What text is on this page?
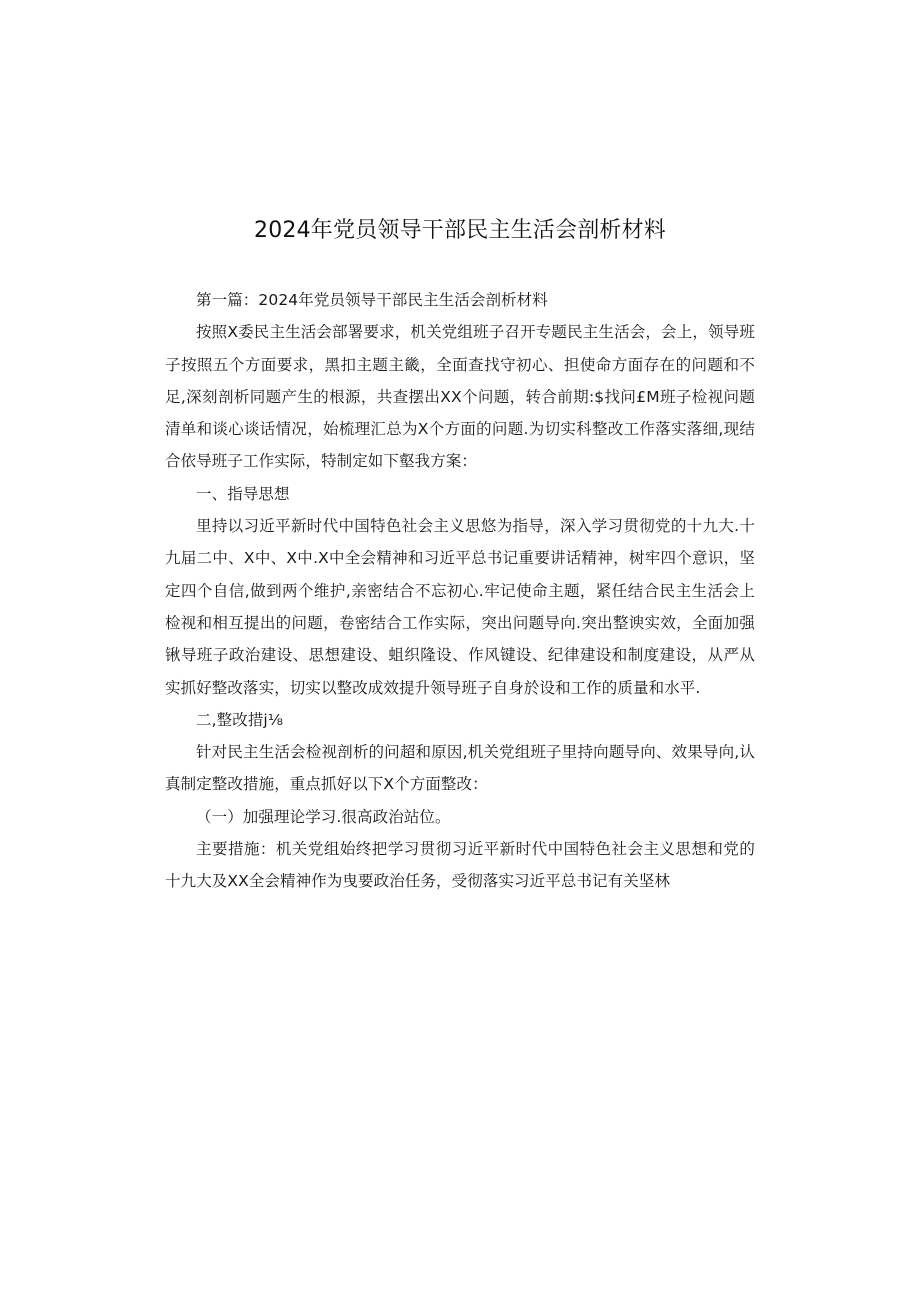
2024年党员领导干部民主生活会剖析材料

第一篇：2024年党员领导干部民主生活会剖析材料

按照X委民主生活会部署要求，机关党组班子召开专题民主生活会，会上，领导班子按照五个方面要求，黑扣主题主畿，全面查找守初心、担使命方面存在的问题和不足,深刻剖析同题产生的根源，共查摆出XX个问题，转合前期:$找问£M班子检视问题清单和谈心谈话情况，始梳理汇总为X个方面的问题.为切实科整改工作落实落细,现结合依导班子工作实际，特制定如下壑我方案：

一、指导思想

里持以习近平新时代中国特色社会主义思悠为指导，深入学习贯彻党的十九大.十九届二中、X中、X中.X中全会精神和习近平总书记重要讲话精神，树牢四个意识，坚定四个自信,做到两个维护,亲密结合不忘初心.牢记使命主题，紧任结合民主生活会上检视和相互提出的问题，卷密结合工作实际，突出问题导向.突出整谀实效，全面加强锹导班子政治建设、思想建设、蛆织隆设、作风键设、纪律建设和制度建设，从严从实抓好整改落实，切实以整改成效提升领导班子自身於设和工作的质量和水平.

二,整改措j⅛

针对民主生活会检视剖析的问超和原因,机关党组班子里持向题导向、效果导向,认真制定整改措施，重点抓好以下X个方面整改：

（一）加强理论学习.很高政治站位。

主要措施：机关党组始终把学习贯彻习近平新时代中国特色社会主义思想和党的十九大及XX全会精神作为曳要政治任务，受彻落实习近平总书记有关坚林
